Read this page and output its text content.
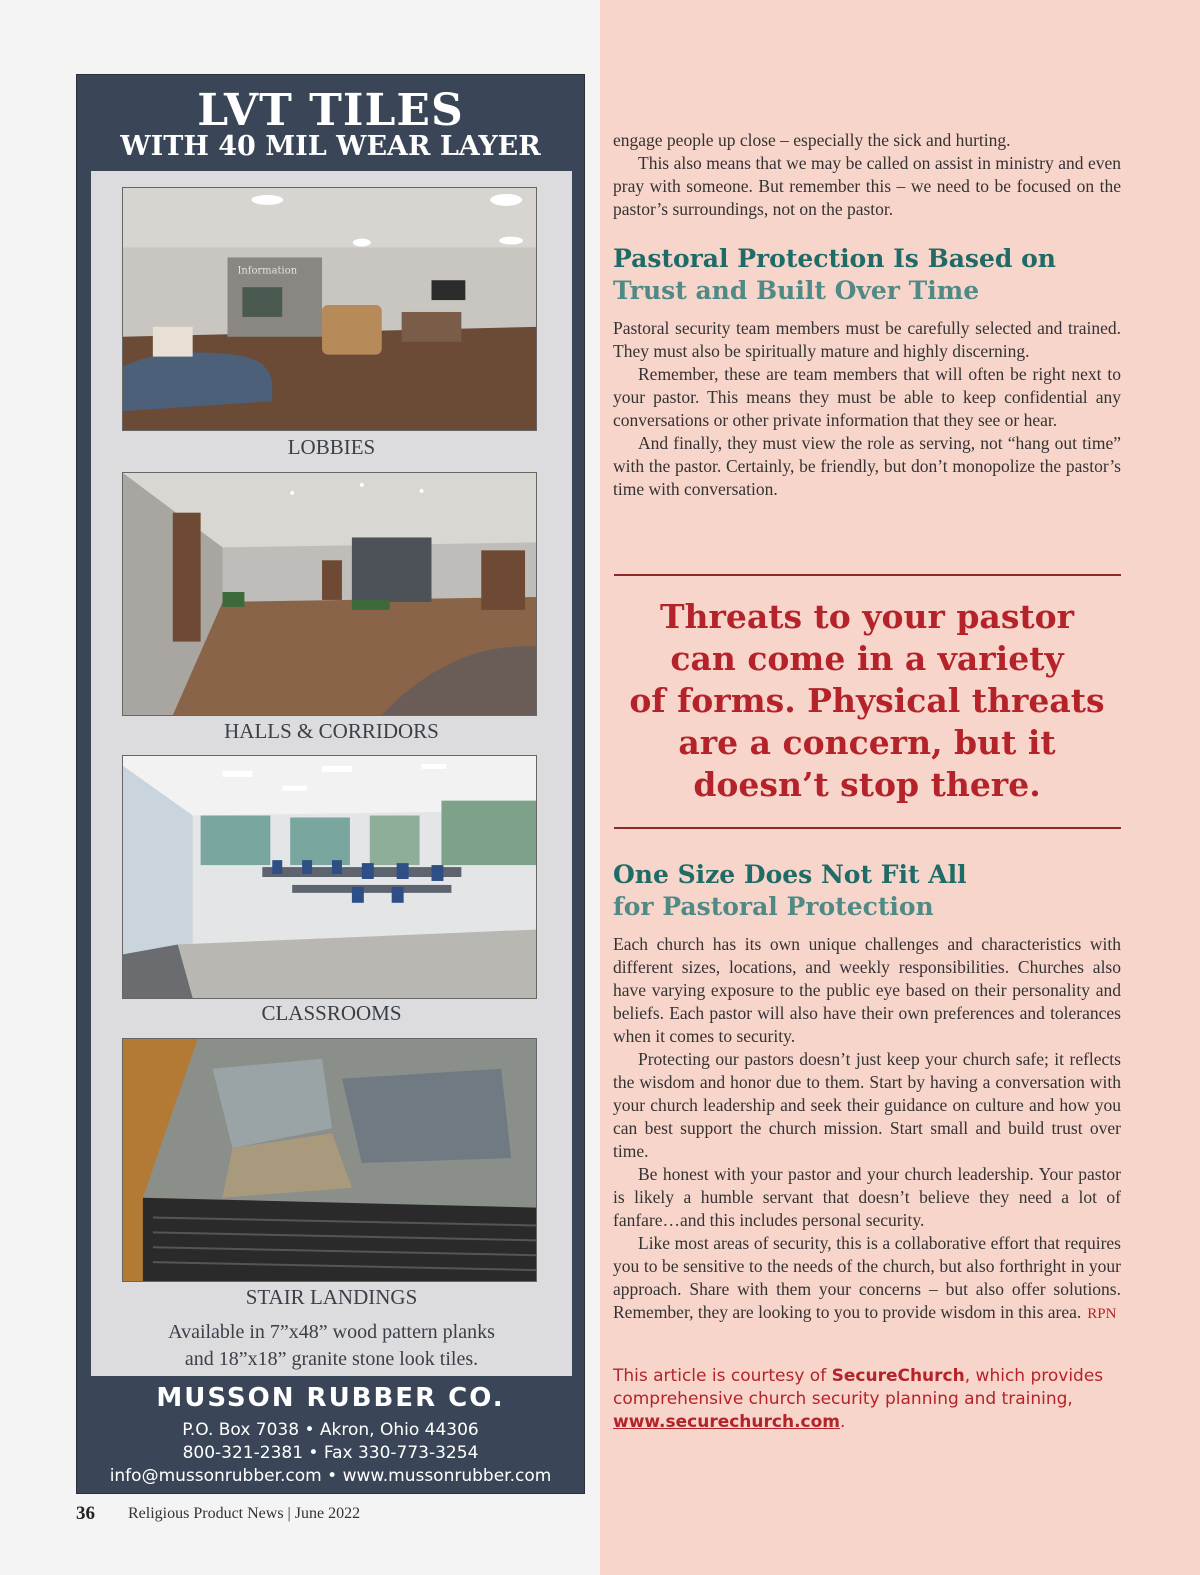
LVT TILES
WITH 40 MIL WEAR LAYER
Information
LOBBIES
HALLS & CORRIDORS
CLASSROOMS
STAIR LANDINGS
Available in 7”x48” wood pattern planks
and 18”x18” granite stone look tiles.
MUSSON RUBBER CO.
P.O. Box 7038 • Akron, Ohio 44306
800-321-2381 • Fax 330-773-3254
info@mussonrubber.com • www.mussonrubber.com
36 Religious Product News | June 2022

engage people up close – especially the sick and hurting.

This also means that we may be called on assist in ministry and even pray with someone. But remember this – we need to be focused on the pastor’s surroundings, not on the pastor.

Pastoral Protection Is Based on
Trust and Built Over Time

Pastoral security team members must be carefully selected and trained. They must also be spiritually mature and highly discerning.

Remember, these are team members that will often be right next to your pastor. This means they must be able to keep confidential any conversations or other private information that they see or hear.

And finally, they must view the role as serving, not “hang out time” with the pastor. Certainly, be friendly, but don’t monopolize the pastor’s time with conversation.

Threats to your pastor
can come in a variety
of forms. Physical threats
are a concern, but it
doesn’t stop there.
One Size Does Not Fit All
for Pastoral Protection

Each church has its own unique challenges and characteristics with different sizes, locations, and weekly responsibilities. Churches also have varying exposure to the public eye based on their personality and beliefs. Each pastor will also have their own preferences and tolerances when it comes to security.

Protecting our pastors doesn’t just keep your church safe; it reflects the wisdom and honor due to them. Start by having a conversation with your church leadership and seek their guidance on culture and how you can best support the church mission. Start small and build trust over time.

Be honest with your pastor and your church leadership. Your pastor is likely a humble servant that doesn’t believe they need a lot of fanfare…and this includes personal security.

Like most areas of security, this is a collaborative effort that requires you to be sensitive to the needs of the church, but also forthright in your approach. Share with them your concerns – but also offer solutions. Remember, they are looking to you to provide wisdom in this area. RPN

This article is courtesy of SecureChurch, which provides comprehensive church security planning and training, www.securechurch.com.
